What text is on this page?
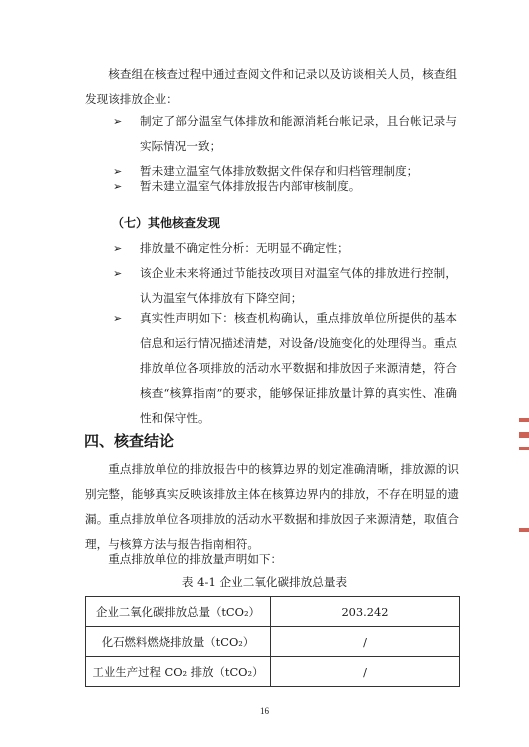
核查组在核查过程中通过查阅文件和记录以及访谈相关人员，核查组发现该排放企业：

➢	制定了部分温室气体排放和能源消耗台帐记录，且台帐记录与实际情况一致；
➢	暂未建立温室气体排放数据文件保存和归档管理制度；
➢	暂未建立温室气体排放报告内部审核制度。
（七）其他核查发现
➢	排放量不确定性分析：无明显不确定性；
➢	该企业未来将通过节能技改项目对温室气体的排放进行控制，认为温室气体排放有下降空间；
➢	真实性声明如下：核查机构确认，重点排放单位所提供的基本信息和运行情况描述清楚，对设备/设施变化的处理得当。重点排放单位各项排放的活动水平数据和排放因子来源清楚，符合核查“核算指南”的要求，能够保证排放量计算的真实性、准确性和保守性。
四、核查结论
重点排放单位的排放报告中的核算边界的划定准确清晰，排放源的识别完整，能够真实反映该排放主体在核算边界内的排放，不存在明显的遗漏。重点排放单位各项排放的活动水平数据和排放因子来源清楚，取值合理，与核算方法与报告指南相符。
重点排放单位的排放量声明如下：
表 4-1 企业二氧化碳排放总量表
企业二氧化碳排放总量（tCO₂）	203.242
化石燃料燃烧排放量（tCO₂）	/
工业生产过程 CO₂ 排放（tCO₂）	/
16
